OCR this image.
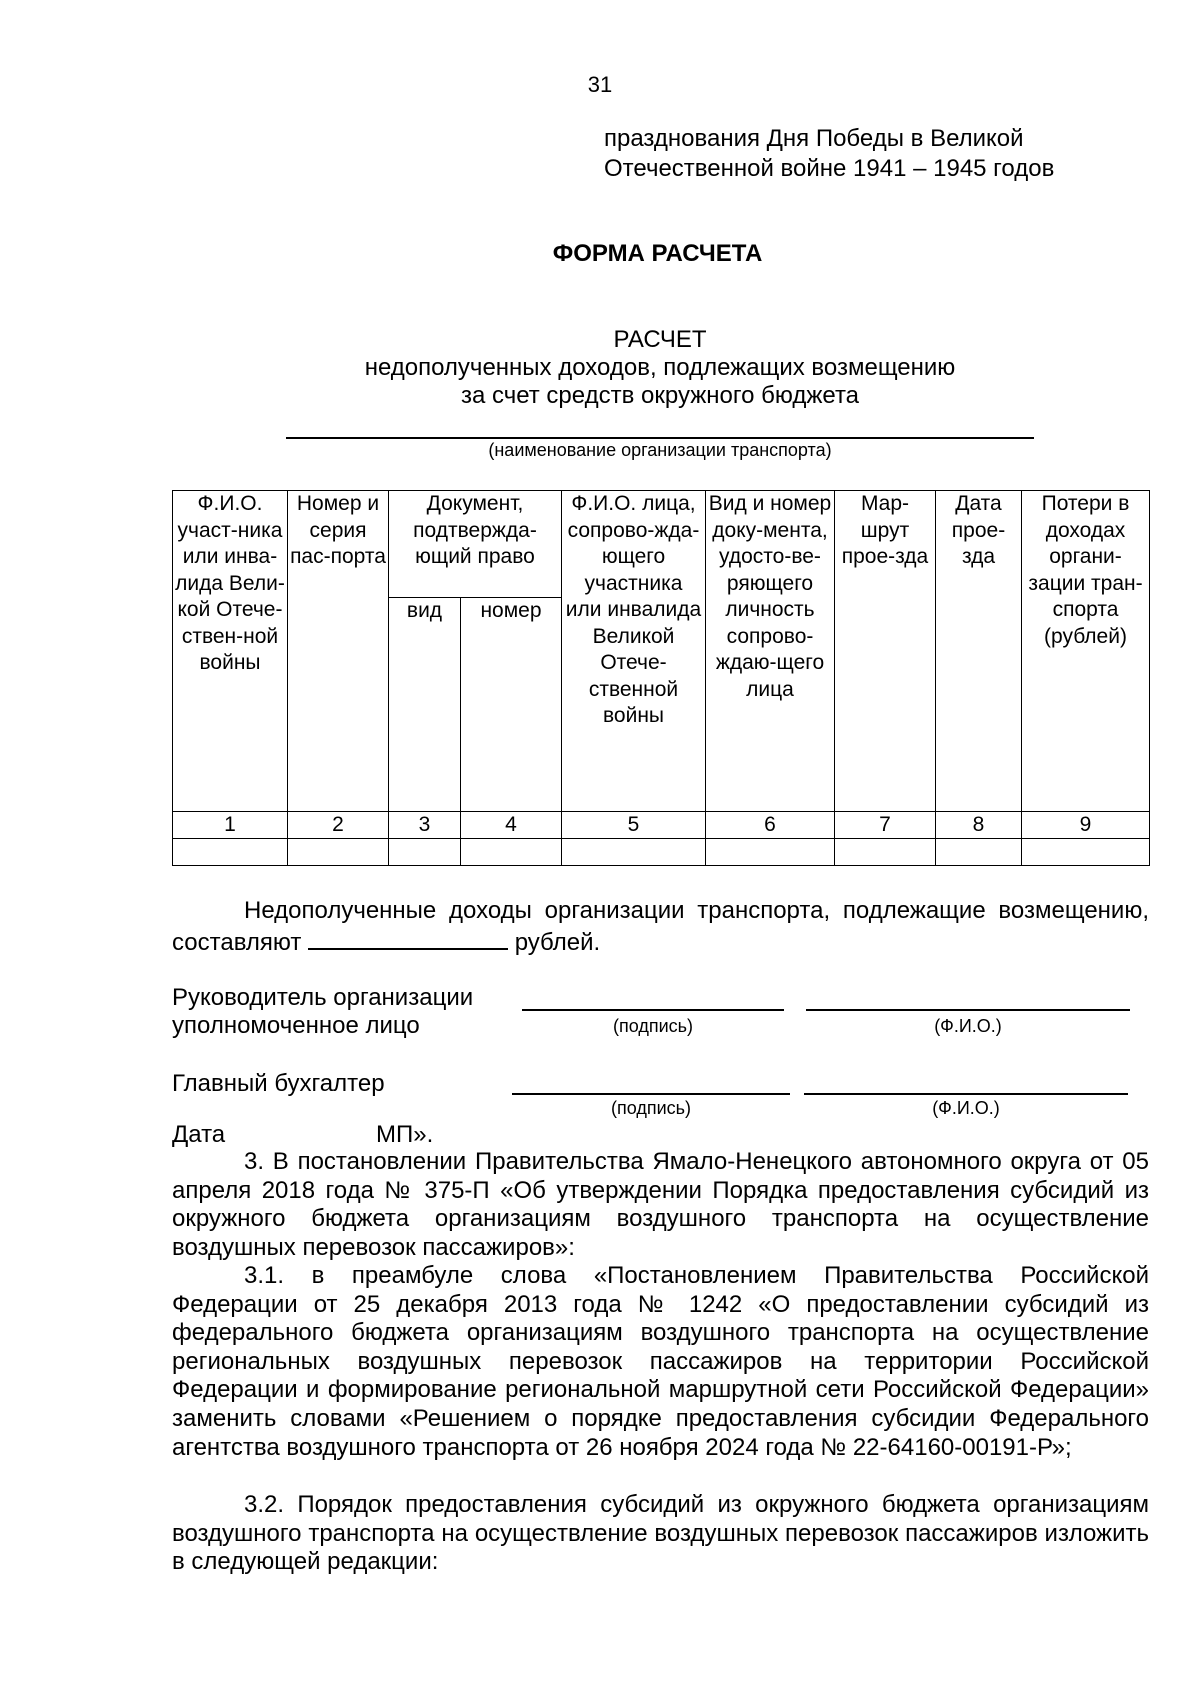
31
празднования Дня Победы в Великой
Отечественной войне 1941 – 1945 годов
ФОРМА РАСЧЕТА
РАСЧЕТ
недополученных доходов, подлежащих возмещению
за счет средств окружного бюджета
(наименование организации транспорта)
Ф.И.О. участ-ника или инва-лида Вели-кой Отече-ствен-ной войны	Номер и серия пас-порта	Документ, подтвержда-ющий право		Ф.И.О. лица, сопрово-жда-ющего участника или инвалида Великой Отече-ственной войны	Вид и номер доку-мента, удосто-ве-ряющего личность сопрово-ждаю-щего лица	Мар-шрут прое-зда	Дата прое-зда	Потери в доходах органи-зации тран-спорта (рублей)
		вид	номер					
1	2	3	4	5	6	7	8	9

Недополученные доходы организации транспорта, подлежащие возмещению, составляют	рублей.
Руководитель организации
уполномоченное лицо	(подпись)	(Ф.И.О.)
Главный бухгалтер
(подпись)	(Ф.И.О.)
Дата	МП».
3. В постановлении Правительства Ямало-Ненецкого автономного округа от 05 апреля 2018 года № 375-П «Об утверждении Порядка предоставления субсидий из окружного бюджета организациям воздушного транспорта на осуществление воздушных перевозок пассажиров»:
3.1. в преамбуле слова «Постановлением Правительства Российской Федерации от 25 декабря 2013 года № 1242 «О предоставлении субсидий из федерального бюджета организациям воздушного транспорта на осуществление региональных воздушных перевозок пассажиров на территории Российской Федерации и формирование региональной маршрутной сети Российской Федерации» заменить словами «Решением о порядке предоставления субсидии Федерального агентства воздушного транспорта от 26 ноября 2024 года № 22-64160-00191-Р»;
3.2. Порядок предоставления субсидий из окружного бюджета организациям воздушного транспорта на осуществление воздушных перевозок пассажиров изложить в следующей редакции:
